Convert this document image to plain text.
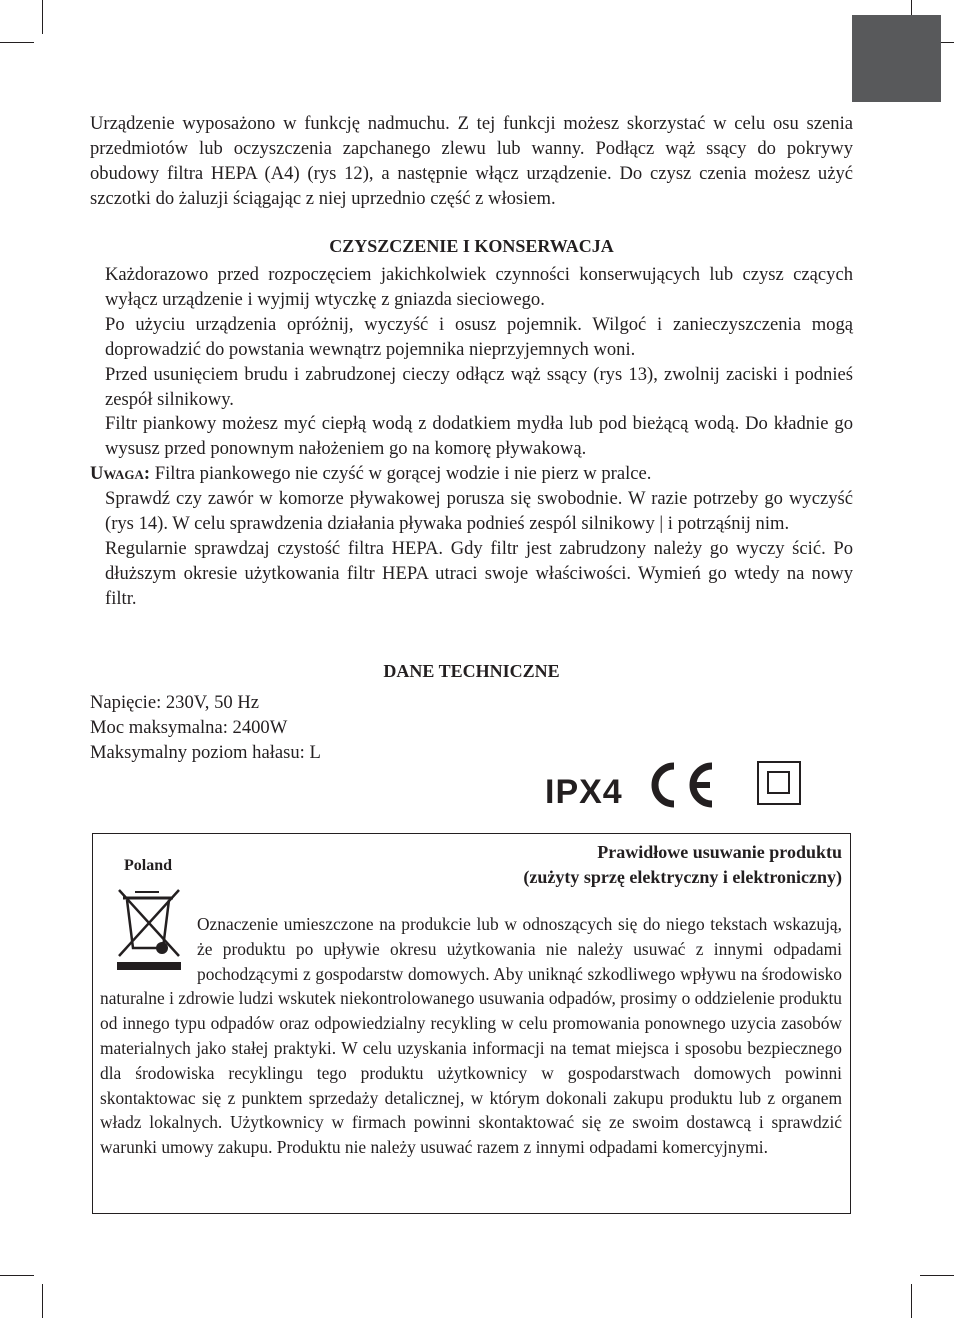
Urządzenie wyposażono w funkcję nadmuchu. Z tej funkcji możesz skorzystać w celu osu szenia przedmiotów lub oczyszczenia zapchanego zlewu lub wanny. Podłącz wąż ssący do pokrywy obudowy filtra HEPA (A4) (rys 12), a następnie włącz urządzenie. Do czysz czenia możesz użyć szczotki do żaluzji ściągając z niej uprzednio część z włosiem.

CZYSZCZENIE I KONSERWACJA
Każdorazowo przed rozpoczęciem jakichkolwiek czynności konserwujących lub czysz czących wyłącz urządzenie i wyjmij wtyczkę z gniazda sieciowego.
Po użyciu urządzenia opróżnij, wyczyść i osusz pojemnik. Wilgoć i zanieczyszczenia mogą doprowadzić do powstania wewnątrz pojemnika nieprzyjemnych woni.
Przed usunięciem brudu i zabrudzonej cieczy odłącz wąż ssący (rys 13), zwolnij zaciski i podnieś zespół silnikowy.
Filtr piankowy możesz myć ciepłą wodą z dodatkiem mydła lub pod bieżącą wodą. Do kładnie go wysusz przed ponownym nałożeniem go na komorę pływakową.
Uwaga: Filtra piankowego nie czyść w gorącej wodzie i nie pierz w pralce.
Sprawdź czy zawór w komorze pływakowej porusza się swobodnie. W razie potrzeby go wyczyść (rys 14). W celu sprawdzenia działania pływaka podnieś zespól silnikowy | i potrząśnij nim.
Regularnie sprawdzaj czystość filtra HEPA. Gdy filtr jest zabrudzony należy go wyczy ścić. Po dłuższym okresie użytkowania filtr HEPA utraci swoje właściwości. Wymień go wtedy na nowy filtr.
DANE TECHNICZNE
Napięcie: 230V, 50 Hz
Moc maksymalna: 2400W
Maksymalny poziom hałasu: L
IPX4
Prawidłowe usuwanie produktu
(zużyty sprzę elektryczny i elektroniczny)
Poland

Oznaczenie umieszczone na produkcie lub w odnoszących się do niego tekstach wskazują, że produktu po upływie okresu użytkowania nie należy usuwać z innymi odpadami pochodzącymi z gospodarstw domowych. Aby uniknąć szkodliwego wpływu na środowisko naturalne i zdrowie ludzi wskutek niekontrolowanego usuwania odpadów, prosimy o oddzielenie produktu od innego typu odpadów oraz odpowiedzialny recykling w celu promowania ponownego uzycia zasobów materialnych jako stałej praktyki. W celu uzyskania informacji na temat miejsca i sposobu bezpiecznego dla środowiska recyklingu tego produktu użytkownicy w gospodarstwach domowych powinni skontaktowac się z punktem sprzedaży detalicznej, w którym dokonali zakupu produktu lub z organem władz lokalnych. Użytkownicy w firmach powinni skontaktować się ze swoim dostawcą i sprawdzić warunki umowy zakupu. Produktu nie należy usuwać razem z innymi odpadami komercyjnymi.
